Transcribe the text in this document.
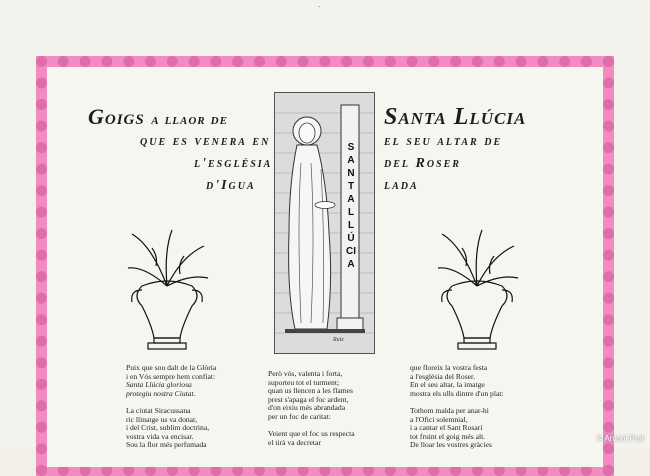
-
Goigs a llaor de	Santa Llúcia
que es venera en	el seu altar de
l'església	del Roser
d'Igua	lada
SANTA LLÚCIA
Ruiz
Puix que sou dalt de la Glòria
i en Vós sempre hem confiat:
Santa Llúcia gloriosa
protegiu nostra Ciutat.

La ciutat Siracussana
ric llinatge us va donar,
i del Crist, sublim doctrina,
vostra vida va encisar.
Sou la flor més perfumada
Però vós, valenta i forta,
suporteu tot el turment;
quan us llencen a les flames
prest s'apaga el foc ardent,
d'on eixiu més abrandada
per un foc de caritat:

Veient que el foc us respecta
el tirà va decretar
que floreix la vostra festa
a l'església del Roser.
En el seu altar, la imatge
mostra els ulls dintre d'un plat:

Tothom malda per anar-hi
a l'Ofici solemnial,
i a cantar el Sant Rosari
tot fruint el goig més alt.
De lloar les vostres gràcies
© Antoni Prat
